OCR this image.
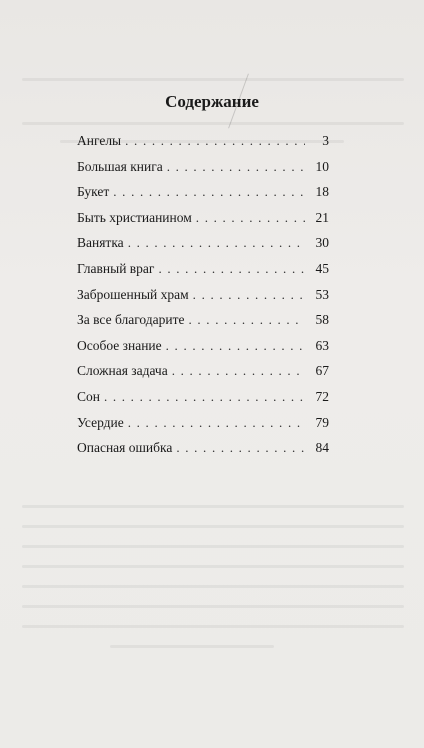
Содержание
Ангелы . . .	3
Большая книга . . .	10
Букет . . .	18
Быть христианином . . .	21
Ванятка . . .	30
Главный враг . . .	45
Заброшенный храм . . .	53
За все благодарите . . .	58
Особое знание . . .	63
Сложная задача . . .	67
Сон . . .	72
Усердие . . .	79
Опасная ошибка . . .	84
